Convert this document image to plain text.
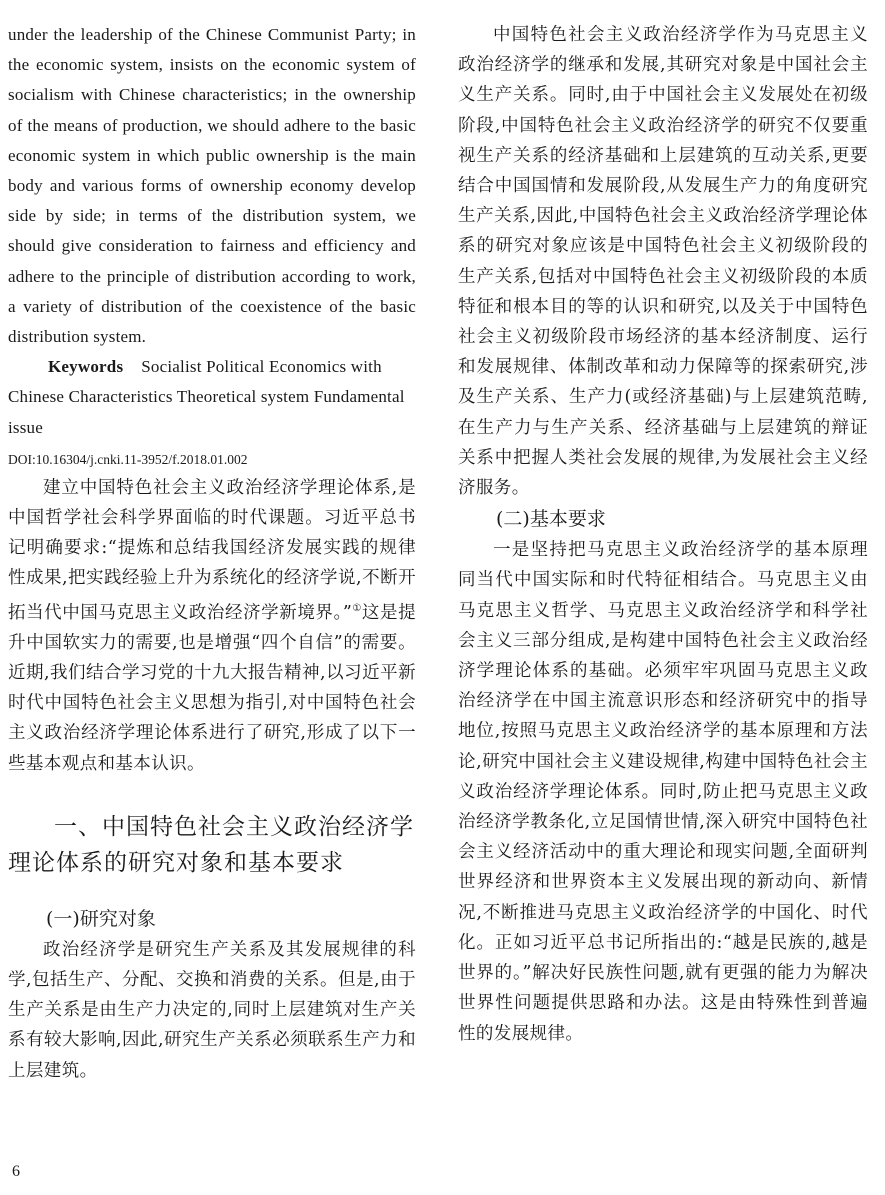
under the leadership of the Chinese Communist Party; in the economic system, insists on the economic system of socialism with Chinese characteristics; in the ownership of the means of production, we should adhere to the basic economic system in which public ownership is the main body and various forms of ownership economy develop side by side; in terms of the distribution system, we should give consideration to fairness and efficiency and adhere to the principle of distribution according to work, a variety of distribution of the coexistence of the basic distribution system.

Keywords Socialist Political Economics with Chinese Characteristics Theoretical system Fundamental issue

DOI:10.16304/j.cnki.11-3952/f.2018.01.002

建立中国特色社会主义政治经济学理论体系,是中国哲学社会科学界面临的时代课题。习近平总书记明确要求:“提炼和总结我国经济发展实践的规律性成果,把实践经验上升为系统化的经济学说,不断开拓当代中国马克思主义政治经济学新境界。”①这是提升中国软实力的需要,也是增强“四个自信”的需要。近期,我们结合学习党的十九大报告精神,以习近平新时代中国特色社会主义思想为指引,对中国特色社会主义政治经济学理论体系进行了研究,形成了以下一些基本观点和基本认识。

一、中国特色社会主义政治经济学理论体系的研究对象和基本要求

(一)研究对象

政治经济学是研究生产关系及其发展规律的科学,包括生产、分配、交换和消费的关系。但是,由于生产关系是由生产力决定的,同时上层建筑对生产关系有较大影响,因此,研究生产关系必须联系生产力和上层建筑。

中国特色社会主义政治经济学作为马克思主义政治经济学的继承和发展,其研究对象是中国社会主义生产关系。同时,由于中国社会主义发展处在初级阶段,中国特色社会主义政治经济学的研究不仅要重视生产关系的经济基础和上层建筑的互动关系,更要结合中国国情和发展阶段,从发展生产力的角度研究生产关系,因此,中国特色社会主义政治经济学理论体系的研究对象应该是中国特色社会主义初级阶段的生产关系,包括对中国特色社会主义初级阶段的本质特征和根本目的等的认识和研究,以及关于中国特色社会主义初级阶段市场经济的基本经济制度、运行和发展规律、体制改革和动力保障等的探索研究,涉及生产关系、生产力(或经济基础)与上层建筑范畴,在生产力与生产关系、经济基础与上层建筑的辩证关系中把握人类社会发展的规律,为发展社会主义经济服务。

(二)基本要求

一是坚持把马克思主义政治经济学的基本原理同当代中国实际和时代特征相结合。马克思主义由马克思主义哲学、马克思主义政治经济学和科学社会主义三部分组成,是构建中国特色社会主义政治经济学理论体系的基础。必须牢牢巩固马克思主义政治经济学在中国主流意识形态和经济研究中的指导地位,按照马克思主义政治经济学的基本原理和方法论,研究中国社会主义建设规律,构建中国特色社会主义政治经济学理论体系。同时,防止把马克思主义政治经济学教条化,立足国情世情,深入研究中国特色社会主义经济活动中的重大理论和现实问题,全面研判世界经济和世界资本主义发展出现的新动向、新情况,不断推进马克思主义政治经济学的中国化、时代化。正如习近平总书记所指出的:“越是民族的,越是世界的。”解决好民族性问题,就有更强的能力为解决世界性问题提供思路和办法。这是由特殊性到普遍性的发展规律。

6
